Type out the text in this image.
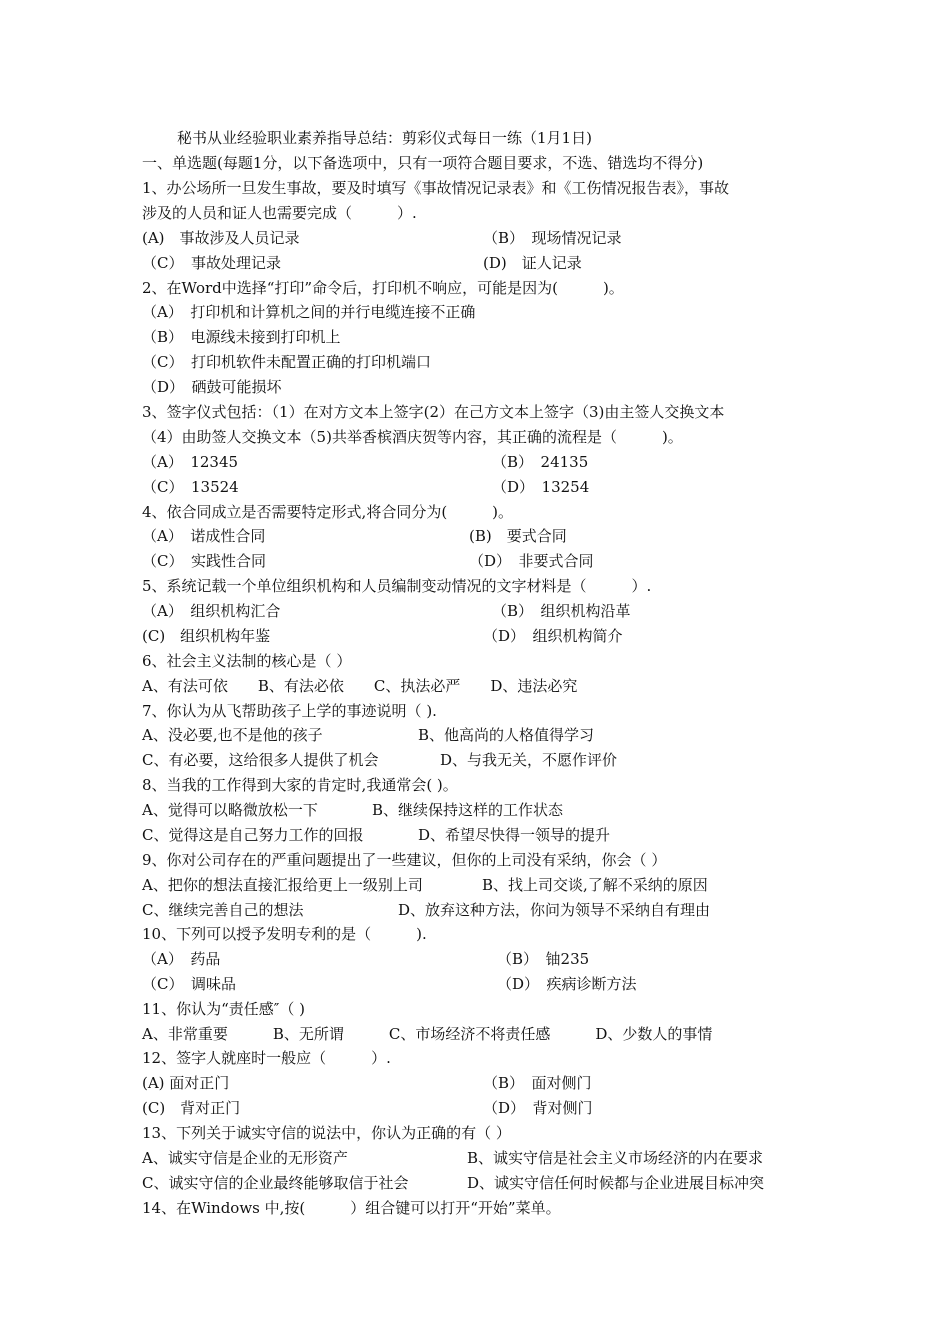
秘书从业经验职业素养指导总结：剪彩仪式每日一练（1月1日)
一、单选题(每题1分，以下备选项中，只有一项符合题目要求，不选、错选均不得分)
1、办公场所一旦发生事故，要及时填写《事故情况记录表》和《工伤情况报告表》，事故
涉及的人员和证人也需要完成（　　　）.
(A)　事故涉及人员记录	（B）　现场情况记录
（C）　事故处理记录	(D)　证人记录
2、在Word中选择“打印”命令后，打印机不响应，可能是因为(　　　)。
（A）　打印机和计算机之间的并行电缆连接不正确
（B）　电源线未接到打印机上
（C）　打印机软件未配置正确的打印机端口
（D）　硒鼓可能损坏
3、签字仪式包括：（1）在对方文本上签字(2）在己方文本上签字（3)由主签人交换文本
（4）由助签人交换文本（5)共举香槟酒庆贺等内容，其正确的流程是（　　　)。
（A）　12345	（B）　24135
（C）　13524	（D）　13254
4、依合同成立是否需要特定形式,将合同分为(　　　)。
（A）　诺成性合同	(B)　要式合同
（C）　实践性合同	（D）　非要式合同
5、系统记载一个单位组织机构和人员编制变动情况的文字材料是（　　　）.
（A）　组织机构汇合	（B）　组织机构沿革
(C)　组织机构年鉴	（D）　组织机构简介
6、社会主义法制的核心是（ ）
A、有法可依　　B、有法必依　　C、执法必严　　D、违法必究
7、你认为从飞帮助孩子上学的事迹说明（ ).
A、没必要,也不是他的孩子	B、他高尚的人格值得学习
C、有必要，这给很多人提供了机会	D、与我无关，不愿作评价
8、当我的工作得到大家的肯定时,我通常会( )。
A、觉得可以略微放松一下	B、继续保持这样的工作状态
C、觉得这是自己努力工作的回报	D、希望尽快得一领导的提升
9、你对公司存在的严重问题提出了一些建议，但你的上司没有采纳，你会（ ）
A、把你的想法直接汇报给更上一级别上司	B、找上司交谈,了解不采纳的原因
C、继续完善自己的想法	D、放弃这种方法，你问为领导不采纳自有理由
10、下列可以授予发明专利的是（　　　).
（A）　药品	（B）　铀235
（C）　调味品	（D）　疾病诊断方法
11、你认为“责任感″（ )
A、非常重要　　　B、无所谓　　　C、市场经济不将责任感　　　D、少数人的事情
12、签字人就座时一般应（　　　）.
(A) 面对正门	（B）　面对侧门
(C)　背对正门	（D）　背对侧门
13、下列关于诚实守信的说法中，你认为正确的有（ ）
A、诚实守信是企业的无形资产	B、诚实守信是社会主义市场经济的内在要求
C、诚实守信的企业最终能够取信于社会	D、诚实守信任何时候都与企业进展目标冲突
14、在Windows 中,按(　　　）组合键可以打开“开始”菜单。
